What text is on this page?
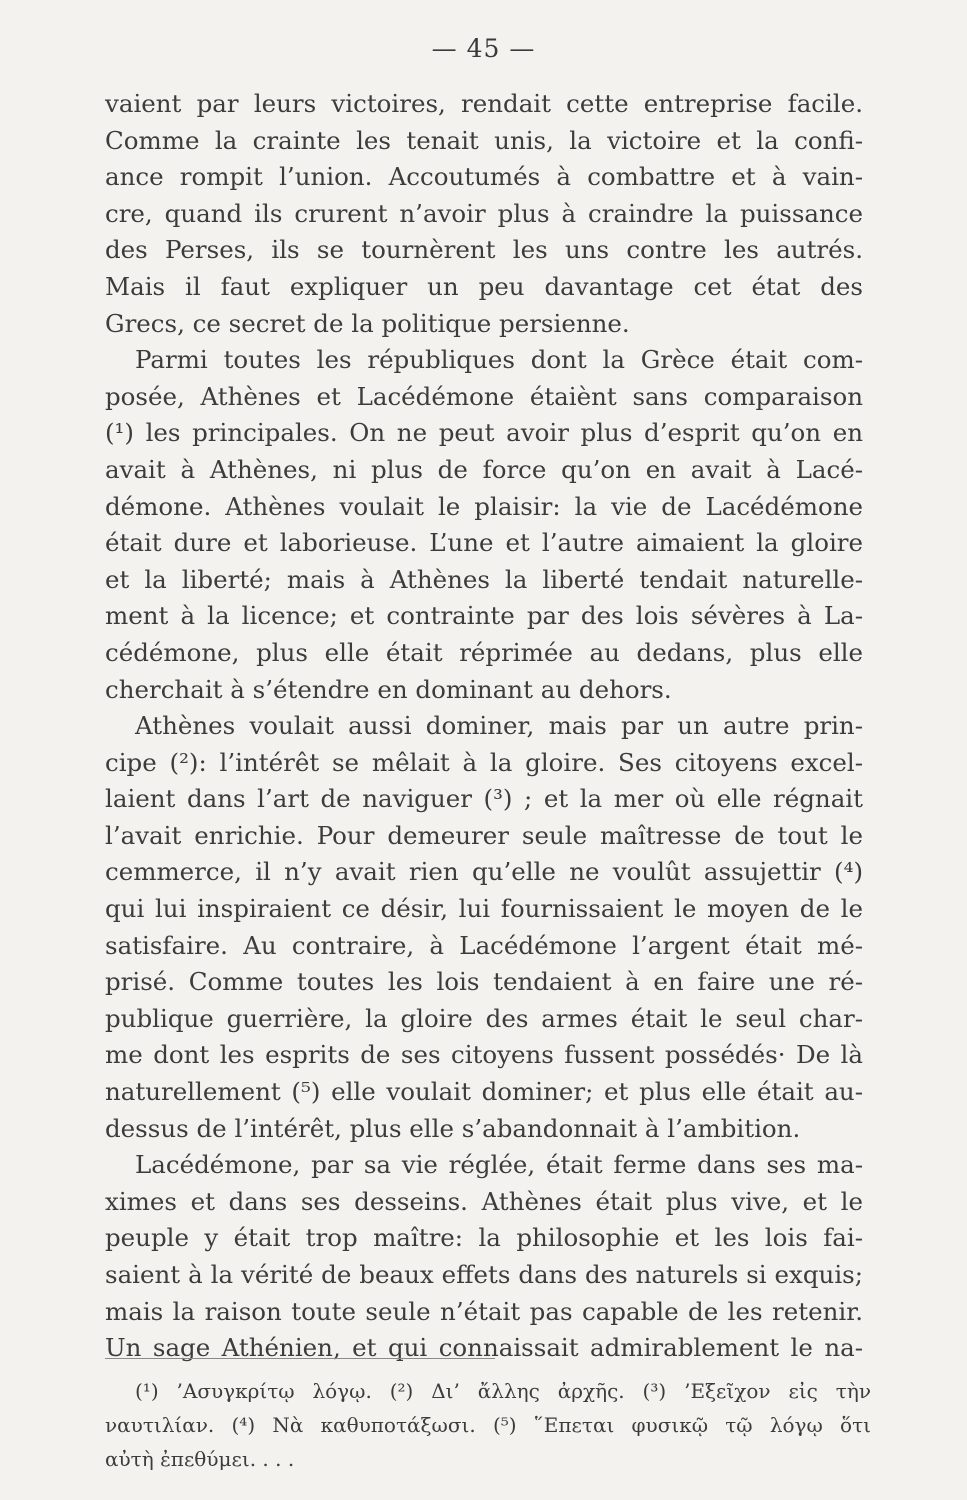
— 45 —
vaient par leurs victoires, rendait cette entreprise facile.
Comme la crainte les tenait unis, la victoire et la confi-
ance rompit l’union. Accoutumés à combattre et à vain-
cre, quand ils crurent n’avoir plus à craindre la puissance
des Perses, ils se tournèrent les uns contre les autrés.
Mais il faut expliquer un peu davantage cet état des
Grecs, ce secret de la politique persienne.
Parmi toutes les républiques dont la Grèce était com-
posée, Athènes et Lacédémone étaiènt sans comparaison
(¹) les principales. On ne peut avoir plus d’esprit qu’on en
avait à Athènes, ni plus de force qu’on en avait à Lacé-
démone. Athènes voulait le plaisir: la vie de Lacédémone
était dure et laborieuse. L’une et l’autre aimaient la gloire
et la liberté; mais à Athènes la liberté tendait naturelle-
ment à la licence; et contrainte par des lois sévères à La-
cédémone, plus elle était réprimée au dedans, plus elle
cherchait à s’étendre en dominant au dehors.
Athènes voulait aussi dominer, mais par un autre prin-
cipe (²): l’intérêt se mêlait à la gloire. Ses citoyens excel-
laient dans l’art de naviguer (³) ; et la mer où elle régnait
l’avait enrichie. Pour demeurer seule maîtresse de tout le
cemmerce, il n’y avait rien qu’elle ne voulût assujettir (⁴)
qui lui inspiraient ce désir, lui fournissaient le moyen de le
satisfaire. Au contraire, à Lacédémone l’argent était mé-
prisé. Comme toutes les lois tendaient à en faire une ré-
publique guerrière, la gloire des armes était le seul char-
me dont les esprits de ses citoyens fussent possédés· De là
naturellement (⁵) elle voulait dominer; et plus elle était au-
dessus de l’intérêt, plus elle s’abandonnait à l’ambition.
Lacédémone, par sa vie réglée, était ferme dans ses ma-
ximes et dans ses desseins. Athènes était plus vive, et le
peuple y était trop maître: la philosophie et les lois fai-
saient à la vérité de beaux effets dans des naturels si exquis;
mais la raison toute seule n’était pas capable de les retenir.
Un sage Athénien, et qui connaissait admirablement le na-
(¹) ’Ασυγκρίτῳ λόγῳ. (²) Δι’ ἄλλης ἀρχῆς. (³) ’Εξεῖχον εἰς τὴν
ναυτιλίαν. (⁴) Νὰ καθυποτάξωσι. (⁵) ῞Επεται φυσικῷ τῷ λόγῳ ὅτι
αὐτὴ ἐπεθύμει. . . .
